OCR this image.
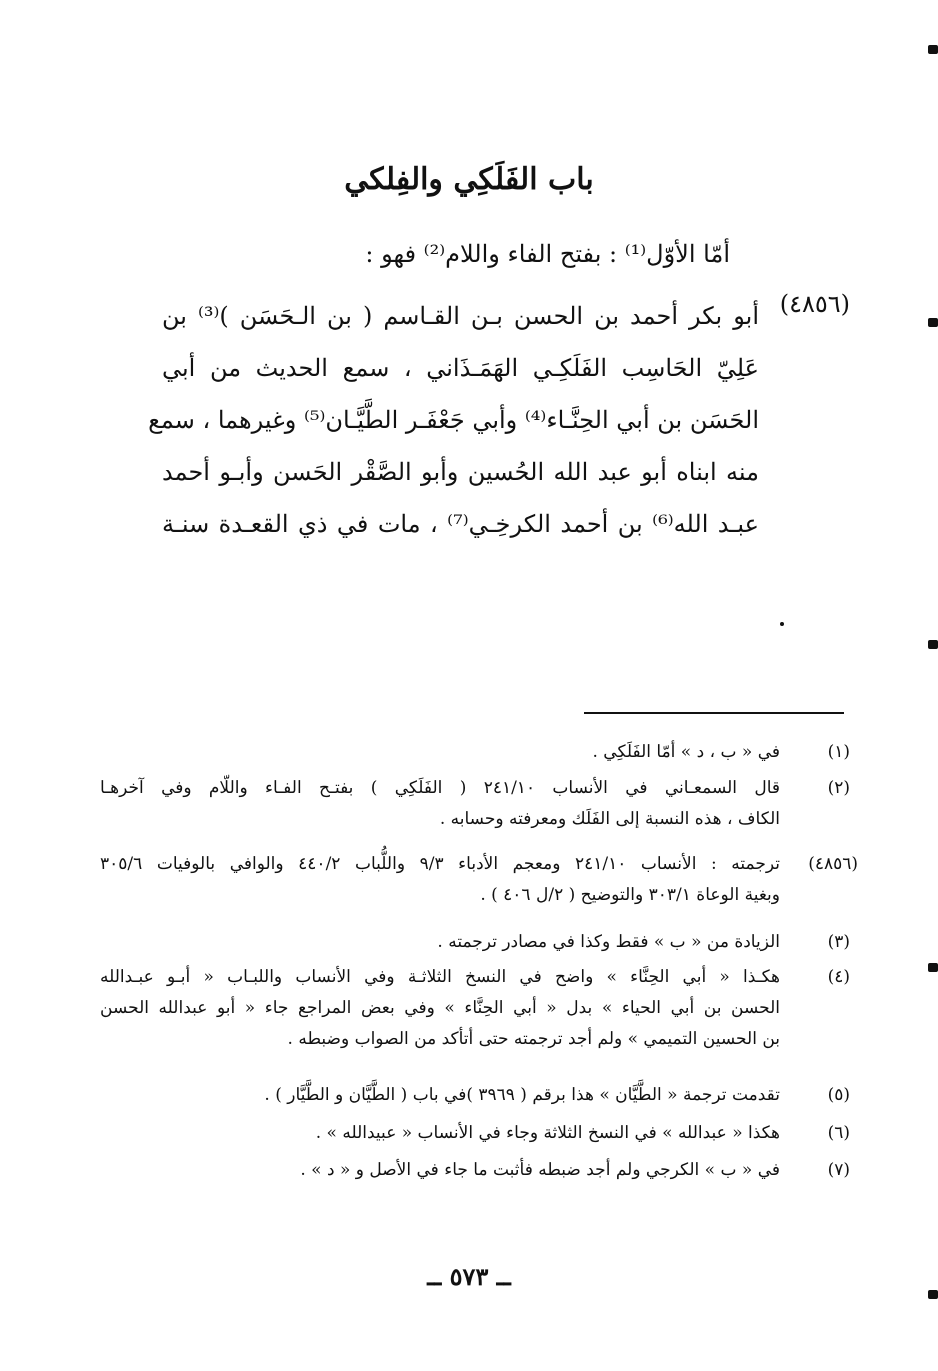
باب الفَلَكِي والفِلكي
أمّا الأوّل⁽¹⁾ : بفتح الفاء واللام⁽²⁾ فهو :
(٤٨٥٦)
أبو بكر أحمد بن الحسن بـن القـاسم ( بن الـحَسَن )⁽³⁾ بن
عَلِيّ الحَاسِب الفَلَكِـي الهَمَـذَاني ، سمع الحديث من أبي
الحَسَن بن أبي الحِنَّـاء⁽⁴⁾ وأبي جَعْفَـر الطَّيَّـان⁽⁵⁾ وغيرهما ، سمع
منه ابناه أبو عبد الله الحُسين وأبو الصَّقْر الحَسن وأبـو أحمد
عبـد الله⁽⁶⁾ بن أحمد الكرخِـي⁽⁷⁾ ، مات في ذي القعـدة سنـة
(١)
في « ب ، د » أمّا الفَلَكِي .
(٢)
قال السمعـاني في الأنساب ٢٤١/١٠ ( الفَلَكِي ) بفتـح الفـاء واللّام وفي آخرهـا
الكاف ، هذه النسبة إلى الفَلَك ومعرفته وحسابه .
(٤٨٥٦)
ترجمته : الأنساب ٢٤١/١٠ ومعجم الأدباء ٩/٣ واللُّباب ٤٤٠/٢ والوافي بالوفيات ٣٠٥/٦
وبغية الوعاة ٣٠٣/١ والتوضيح ( ٢/ل ٤٠٦ ) .
(٣)
الزيادة من « ب » فقط وكذا في مصادر ترجمته .
(٤)
هكـذا « أبي الحِنَّاء » واضح في النسخ الثلاثـة وفي الأنساب واللبـاب « أبـو عبـدالله
الحسن بن أبي الحياء » بدل « أبي الحِنَّاء » وفي بعض المراجع جاء « أبو عبدالله الحسن
بن الحسين التميمي » ولم أجد ترجمته حتى أتأكد من الصواب وضبطه .
(٥)
تقدمت ترجمة « الطَّيَّان » هذا برقم ( ٣٩٦٩ )في باب ( الطَّيَّان و الطَّيَّار ) .
(٦)
هكذا « عبدالله » في النسخ الثلاثة وجاء في الأنساب « عبيدالله » .
(٧)
في « ب » الكرجي ولم أجد ضبطه فأثبت ما جاء في الأصل و « د » .
ــ ٥٧٣ ــ
